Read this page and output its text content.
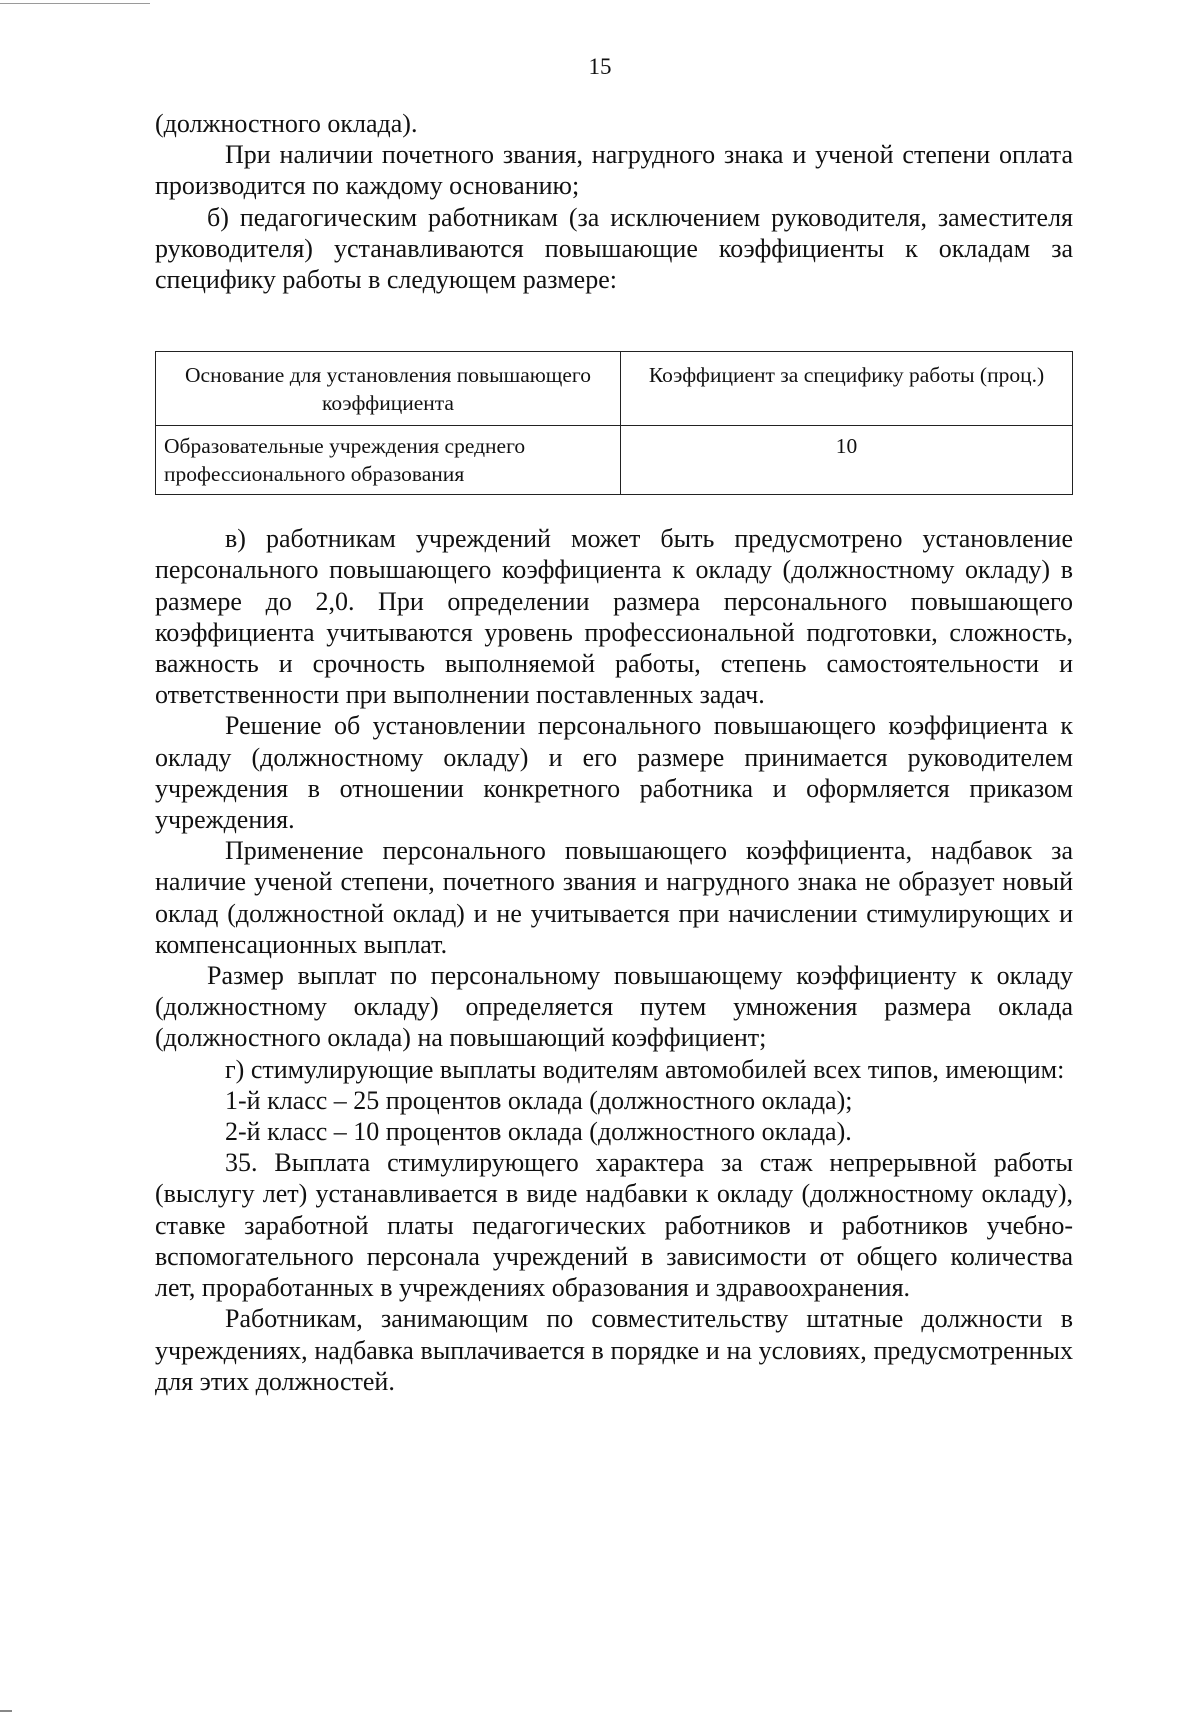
15

(должностного оклада).

При наличии почетного звания, нагрудного знака и ученой степени оплата производится по каждому основанию;

б) педагогическим работникам (за исключением руководителя, заместителя руководителя) устанавливаются повышающие коэффициенты к окладам за специфику работы в следующем размере:

Основание для установления повышающего коэффициента	Коэффициент за специфику работы (проц.)
Образовательные учреждения среднего профессионального образования	10

в) работникам учреждений может быть предусмотрено установление персонального повышающего коэффициента к окладу (должностному окладу) в размере до 2,0. При определении размера персонального повышающего коэффициента учитываются уровень профессиональной подготовки, сложность, важность и срочность выполняемой работы, степень самостоятельности и ответственности при выполнении поставленных задач.

Решение об установлении персонального повышающего коэффициента к окладу (должностному окладу) и его размере принимается руководителем учреждения в отношении конкретного работника и оформляется приказом учреждения.

Применение персонального повышающего коэффициента, надбавок за наличие ученой степени, почетного звания и нагрудного знака не образует новый оклад (должностной оклад) и не учитывается при начислении стимулирующих и компенсационных выплат.

Размер выплат по персональному повышающему коэффициенту к окладу (должностному окладу) определяется путем умножения размера оклада (должностного оклада) на повышающий коэффициент;

г) стимулирующие выплаты водителям автомобилей всех типов, имеющим:

1-й класс – 25 процентов оклада (должностного оклада);

2-й класс – 10 процентов оклада (должностного оклада).

35. Выплата стимулирующего характера за стаж непрерывной работы (выслугу лет) устанавливается в виде надбавки к окладу (должностному окладу), ставке заработной платы педагогических работников и работников учебно-вспомогательного персонала учреждений в зависимости от общего количества лет, проработанных в учреждениях образования и здравоохранения.

Работникам, занимающим по совместительству штатные должности в учреждениях, надбавка выплачивается в порядке и на условиях, предусмотренных для этих должностей.
